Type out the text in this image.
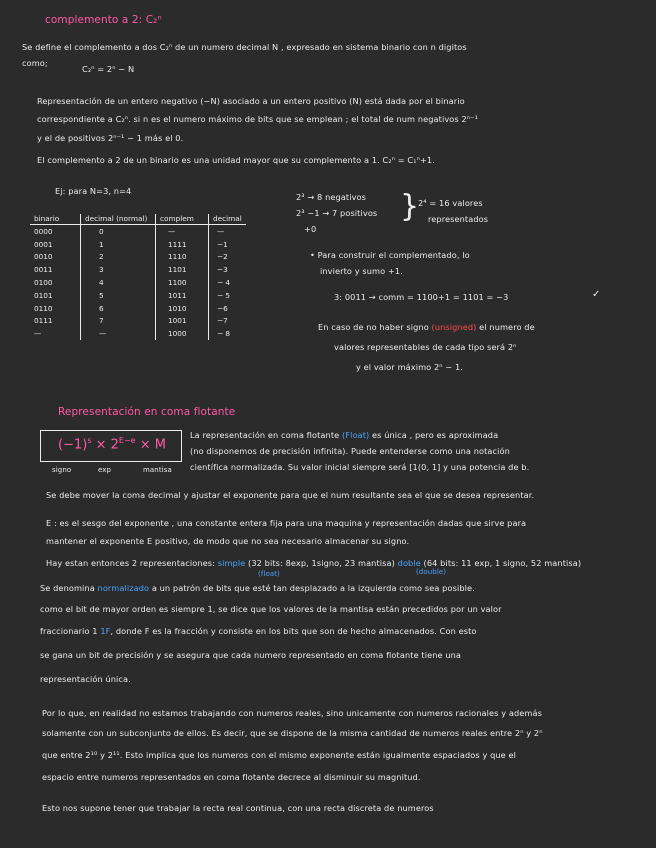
complemento a 2: C₂ⁿ
Se define el complemento a dos C₂ⁿ de un numero decimal N , expresado en sistema binario con n digitos
como;
C₂ⁿ = 2ⁿ − N
Representación de un entero negativo (−N) asociado a un entero positivo (N) está dada por el binario
correspondiente a C₂ⁿ. si n es el numero máximo de bits que se emplean ; el total de num negativos 2ⁿ⁻¹
y el de positivos 2ⁿ⁻¹ − 1 más el 0.
El complemento a 2 de un binario es una unidad mayor que su complemento a 1. C₂ⁿ = C₁ⁿ+1.
Ej: para N=3, n=4
binario	decimal (normal)	complem	decimal
0000	0	—	—
0001	1	1111	−1
0010	2	1110	−2
0011	3	1101	−3
0100	4	1100	− 4
0101	5	1011	− 5
0110	6	1010	−6
0111	7	1001	−7
—	—	1000	− 8
2³ → 8 negativos
2³ −1 → 7 positivos
+0
}
2⁴ = 16 valores
representados
• Para construir el complementado, lo
invierto y sumo +1.
3: 0011 → comm = 1100+1 = 1101 = −3	✓
En caso de no haber signo (unsigned) el numero de
valores representables de cada tipo será 2ⁿ
y el valor máximo 2ⁿ − 1.
Representación en coma flotante
$(-1)^s \times 2^{E-e} \times M$
signo	exp	mantisa
La representación en coma flotante (Float) es única , pero es aproximada
(no disponemos de precisión infinita). Puede entenderse como una notación
científica normalizada. Su valor inicial siempre será [1(0, 1] y una potencia de b.
Se debe mover la coma decimal y ajustar el exponente para que el num resultante sea el que se desea representar.
E : es el sesgo del exponente , una constante entera fija para una maquina y representación dadas que sirve para
mantener el exponente E positivo, de modo que no sea necesario almacenar su signo.
Hay estan entonces 2 representaciones: simple (32 bits: 8exp, 1signo, 23 mantisa) doble (64 bits: 11 exp, 1 signo, 52 mantisa)
(float)	(double)
Se denomina normalizado a un patrón de bits que esté tan desplazado a la izquierda como sea posible.
como el bit de mayor orden es siempre 1, se dice que los valores de la mantisa están precedidos por un valor
fraccionario 1 1F, donde F es la fracción y consiste en los bits que son de hecho almacenados. Con esto
se gana un bit de precisión y se asegura que cada numero representado en coma flotante tiene una
representación única.
Por lo que, en realidad no estamos trabajando con numeros reales, sino unicamente con numeros racionales y además
solamente con un subconjunto de ellos. Es decir, que se dispone de la misma cantidad de numeros reales entre 2ⁿ y 2ⁿ
que entre 2¹⁰ y 2¹¹. Esto implica que los numeros con el mismo exponente están igualmente espaciados y que el
espacio entre numeros representados en coma flotante decrece al disminuir su magnitud.
Esto nos supone tener que trabajar la recta real continua, con una recta discreta de numeros
